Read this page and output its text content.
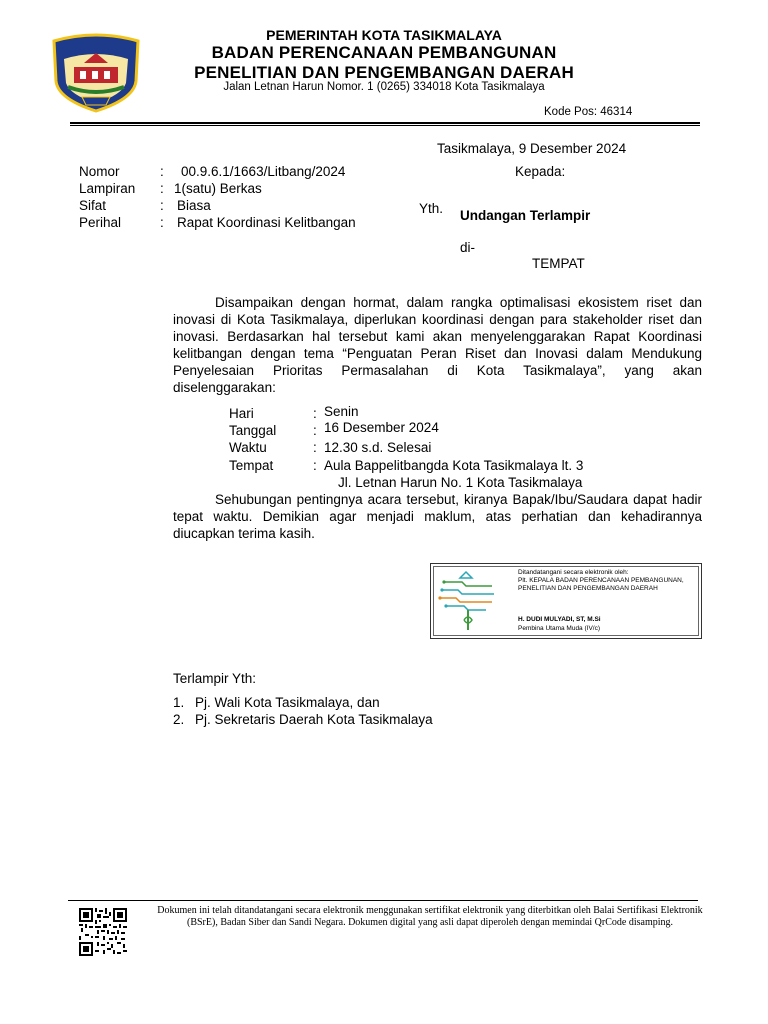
PEMERINTAH KOTA TASIKMALAYA
BADAN PERENCANAAN PEMBANGUNAN
PENELITIAN DAN PENGEMBANGAN DAERAH
Jalan Letnan Harun Nomor. 1 (0265) 334018 Kota Tasikmalaya
Kode Pos: 46314
Tasikmalaya, 9 Desember 2024
Nomor	: 00.9.6.1/1663/Litbang/2024
Lampiran : 1(satu) Berkas
Sifat	: Biasa
Perihal	: Rapat Koordinasi Kelitbangan
Kepada:
Yth. Undangan Terlampir
di-
TEMPAT
Disampaikan dengan hormat, dalam rangka optimalisasi ekosistem riset dan inovasi di Kota Tasikmalaya, diperlukan koordinasi dengan para stakeholder riset dan inovasi. Berdasarkan hal tersebut kami akan menyelenggarakan Rapat Koordinasi kelitbangan dengan tema “Penguatan Peran Riset dan Inovasi dalam Mendukung Penyelesaian Prioritas Permasalahan di Kota Tasikmalaya”, yang akan diselenggarakan:
Hari	: Senin
Tanggal	: 16 Desember 2024
Waktu	: 12.30 s.d. Selesai
Tempat	: Aula Bappelitbangda Kota Tasikmalaya lt. 3
Jl. Letnan Harun No. 1 Kota Tasikmalaya
Sehubungan pentingnya acara tersebut, kiranya Bapak/Ibu/Saudara dapat hadir tepat waktu. Demikian agar menjadi maklum, atas perhatian dan kehadirannya diucapkan terima kasih.
Ditandatangani secara elektronik oleh:
Plt. KEPALA BADAN PERENCANAAN PEMBANGUNAN,
PENELITIAN DAN PENGEMBANGAN DAERAH
H. DUDI MULYADI, ST, M.Si
Pembina Utama Muda (IV/c)
Terlampir Yth:
1. Pj. Wali Kota Tasikmalaya, dan
2. Pj. Sekretaris Daerah Kota Tasikmalaya
Dokumen ini telah ditandatangani secara elektronik menggunakan sertifikat elektronik yang diterbitkan oleh Balai Sertifikasi Elektronik (BSrE), Badan Siber dan Sandi Negara. Dokumen digital yang asli dapat diperoleh dengan memindai QrCode disamping.
